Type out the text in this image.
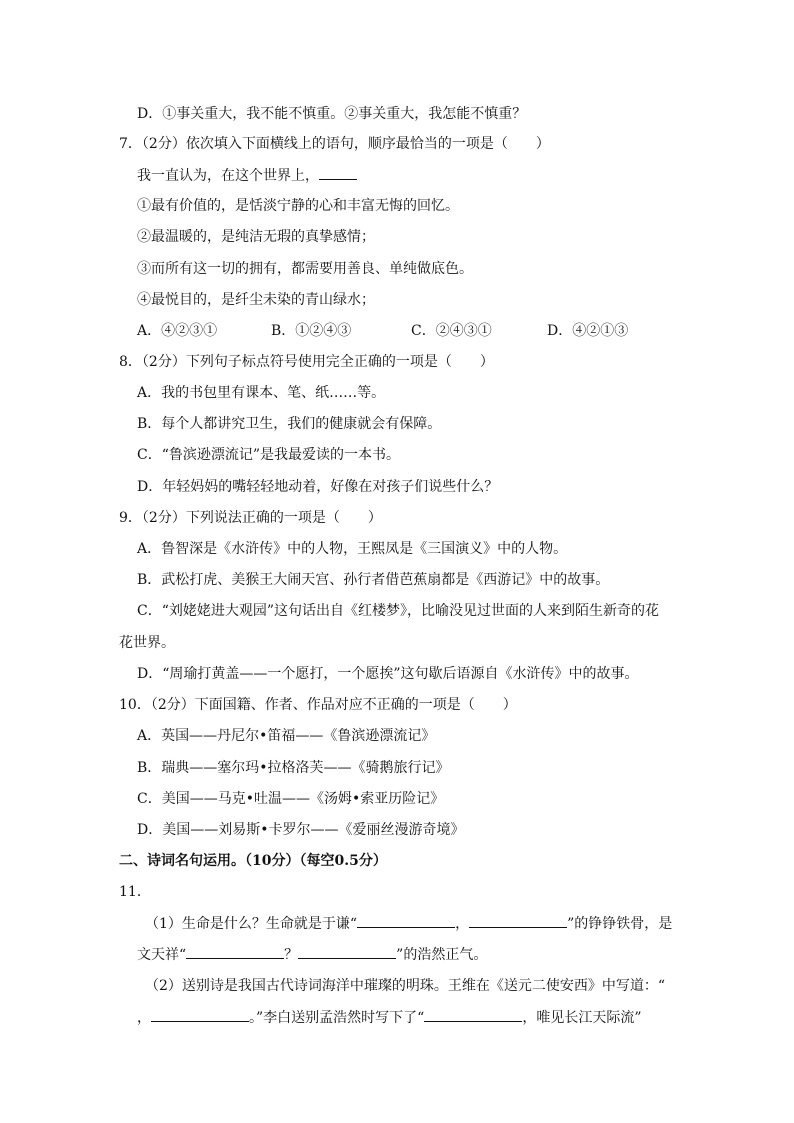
D．①事关重大，我不能不慎重。②事关重大，我怎能不慎重？
7．（2分）依次填入下面横线上的语句，顺序最恰当的一项是（　　）
我一直认为，在这个世界上，
①最有价值的，是恬淡宁静的心和丰富无悔的回忆。
②最温暖的，是纯洁无瑕的真挚感情；
③而所有这一切的拥有，都需要用善良、单纯做底色。
④最悦目的，是纤尘未染的青山绿水；
A．④②③①	B．①②④③	C．②④③①	D．④②①③
8．（2分）下列句子标点符号使用完全正确的一项是（　　）
A．我的书包里有课本、笔、纸……等。
B．每个人都讲究卫生，我们的健康就会有保障。
C．“鲁滨逊漂流记”是我最爱读的一本书。
D．年轻妈妈的嘴轻轻地动着，好像在对孩子们说些什么？
9．（2分）下列说法正确的一项是（　　）
A．鲁智深是《水浒传》中的人物，王熙凤是《三国演义》中的人物。
B．武松打虎、美猴王大闹天宫、孙行者借芭蕉扇都是《西游记》中的故事。
C．“刘姥姥进大观园”这句话出自《红楼梦》，比喻没见过世面的人来到陌生新奇的花
花世界。
D．“周瑜打黄盖——一个愿打，一个愿挨”这句歇后语源自《水浒传》中的故事。
10．（2分）下面国籍、作者、作品对应不正确的一项是（　　）
A．英国——丹尼尔•笛福——《鲁滨逊漂流记》
B．瑞典——塞尔玛•拉格洛芙——《骑鹅旅行记》
C．美国——马克•吐温——《汤姆•索亚历险记》
D．美国——刘易斯•卡罗尔——《爱丽丝漫游奇境》
二、诗词名句运用。（10分）（每空0.5分）
11．
（1）生命是什么？生命就是于谦“	，	”的铮铮铁骨，是
文天祥“	？	”的浩然正气。
（2）送别诗是我国古代诗词海洋中璀璨的明珠。王维在《送元二使安西》中写道：“
，	。”李白送别孟浩然时写下了“	，唯见长江天际流”
